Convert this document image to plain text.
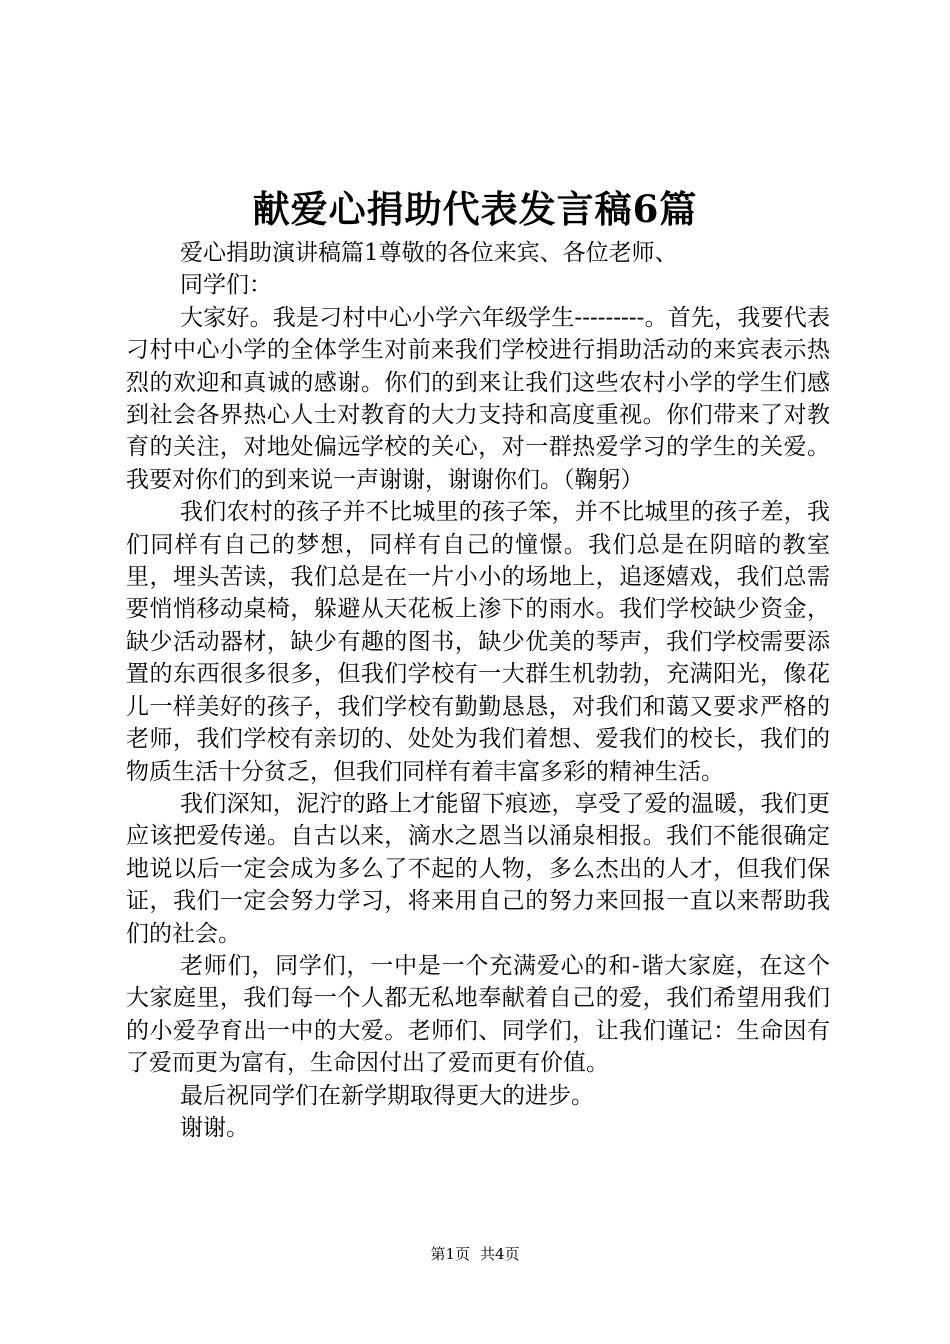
献爱心捐助代表发言稿6篇

爱心捐助演讲稿篇1尊敬的各位来宾、各位老师、

同学们：

大家好。我是刁村中心小学六年级学生---------。首先，我要代表刁村中心小学的全体学生对前来我们学校进行捐助活动的来宾表示热烈的欢迎和真诚的感谢。你们的到来让我们这些农村小学的学生们感到社会各界热心人士对教育的大力支持和高度重视。你们带来了对教育的关注，对地处偏远学校的关心，对一群热爱学习的学生的关爱。我要对你们的到来说一声谢谢，谢谢你们。（鞠躬）

我们农村的孩子并不比城里的孩子笨，并不比城里的孩子差，我们同样有自己的梦想，同样有自己的憧憬。我们总是在阴暗的教室里，埋头苦读，我们总是在一片小小的场地上，追逐嬉戏，我们总需要悄悄移动桌椅，躲避从天花板上渗下的雨水。我们学校缺少资金，缺少活动器材，缺少有趣的图书，缺少优美的琴声，我们学校需要添置的东西很多很多，但我们学校有一大群生机勃勃，充满阳光，像花儿一样美好的孩子，我们学校有勤勤恳恳，对我们和蔼又要求严格的老师，我们学校有亲切的、处处为我们着想、爱我们的校长，我们的物质生活十分贫乏，但我们同样有着丰富多彩的精神生活。

我们深知，泥泞的路上才能留下痕迹，享受了爱的温暖，我们更应该把爱传递。自古以来，滴水之恩当以涌泉相报。我们不能很确定地说以后一定会成为多么了不起的人物，多么杰出的人才，但我们保证，我们一定会努力学习，将来用自己的努力来回报一直以来帮助我们的社会。

老师们，同学们，一中是一个充满爱心的和-谐大家庭，在这个大家庭里，我们每一个人都无私地奉献着自己的爱，我们希望用我们的小爱孕育出一中的大爱。老师们、同学们，让我们谨记：生命因有了爱而更为富有，生命因付出了爱而更有价值。

最后祝同学们在新学期取得更大的进步。

谢谢。

第1页 共4页
